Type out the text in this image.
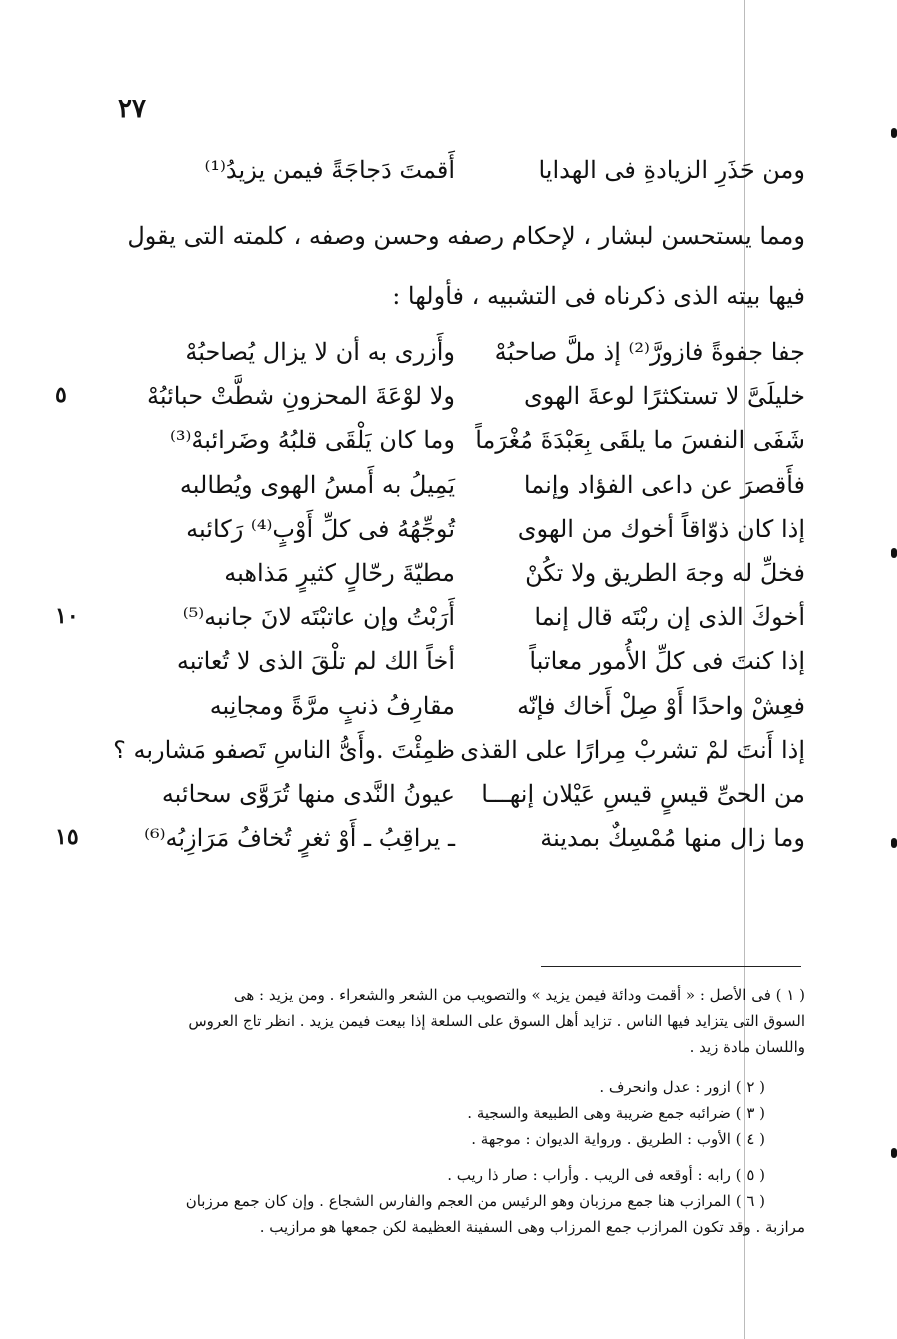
٢٧
ومن حَذَرِ الزيادةِ فى الهدايا
أَقمتَ دَجاجَةً فيمن يزيدُ⁽¹⁾
ومما يستحسن لبشار ، لإحكام رصفه وحسن وصفه ، كلمته التى يقول
فيها بيته الذى ذكرناه فى التشبيه ، فأولها :
جفا جفوةً فازورَّ⁽²⁾ إذ ملَّ صاحبُهْ
وأَزرى به أن لا يزال يُصاحبُهْ
خليلَىَّ لا تستكثرًا لوعةَ الهوى
ولا لوْعَةَ المحزونِ شطَّتْ حبائبُهْ
٥
شَفَى النفسَ ما يلقَى بِعَبْدَةَ مُغْرَماً
وما كان يَلْقَى قلبُهُ وضَرائبهْ⁽³⁾
فأَقصرَ عن داعى الفؤاد وإنما
يَمِيلُ به أَمسُ الهوى ويُطالبه
إذا كان ذوّاقاً أخوك من الهوى
تُوجِّهُهُ فى كلِّ أَوْبٍ⁽⁴⁾ رَكائبه
فخلِّ له وجهَ الطريق ولا تكُنْ
مطيّةَ رحّالٍ كثيرٍ مَذاهبه
أخوكَ الذى إن ربْتَه قال إنما
أَرَبْتُ وإن عاتبْتَه لانَ جانبه⁽⁵⁾
١٠
إذا كنتَ فى كلِّ الأُمور معاتباً
أخاً الك لم تلْقَ الذى لا تُعاتبه
فعِشْ واحدًا أَوْ صِلْ أَخاك فإنّه
مقارِفُ ذنبٍ مرَّةً ومجانِبه
إذا أَنتَ لمْ تشربْ مِرارًا على القذى
ظمِئْتَ .وأَىُّ الناسِ تَصفو مَشاربه ؟
من الحىِّ قيسٍ قيسِ عَيْلان إنهـــا
عيونُ النَّدى منها تُرَوَّى سحائبه
وما زال منها مُمْسِكٌ بمدينة
ـ يراقِبُ ـ أَوْ ثغرٍ تُخافُ مَرَازِبُه⁽⁶⁾
١٥
( ١ ) فى الأصل : « أقمت ودائة فيمن يزيد » والتصويب من الشعر والشعراء . ومن يزيد : هى
السوق التى يتزايد فيها الناس . تزايد أهل السوق على السلعة إذا بيعت فيمن يزيد . انظر تاج العروس
واللسان مادة زيد .
( ٢ ) ازور : عدل وانحرف .
( ٣ ) ضرائبه جمع ضريبة وهى الطبيعة والسجية .
( ٤ ) الأوب : الطريق . ورواية الديوان : موجهة .
( ٥ ) رابه : أوقعه فى الريب . وأراب : صار ذا ريب .
( ٦ ) المرازب هنا جمع مرزبان وهو الرئيس من العجم والفارس الشجاع . وإن كان جمع مرزبان
مرازبة . وقد تكون المرازب جمع المرزاب وهى السفينة العظيمة لكن جمعها هو مرازيب .
